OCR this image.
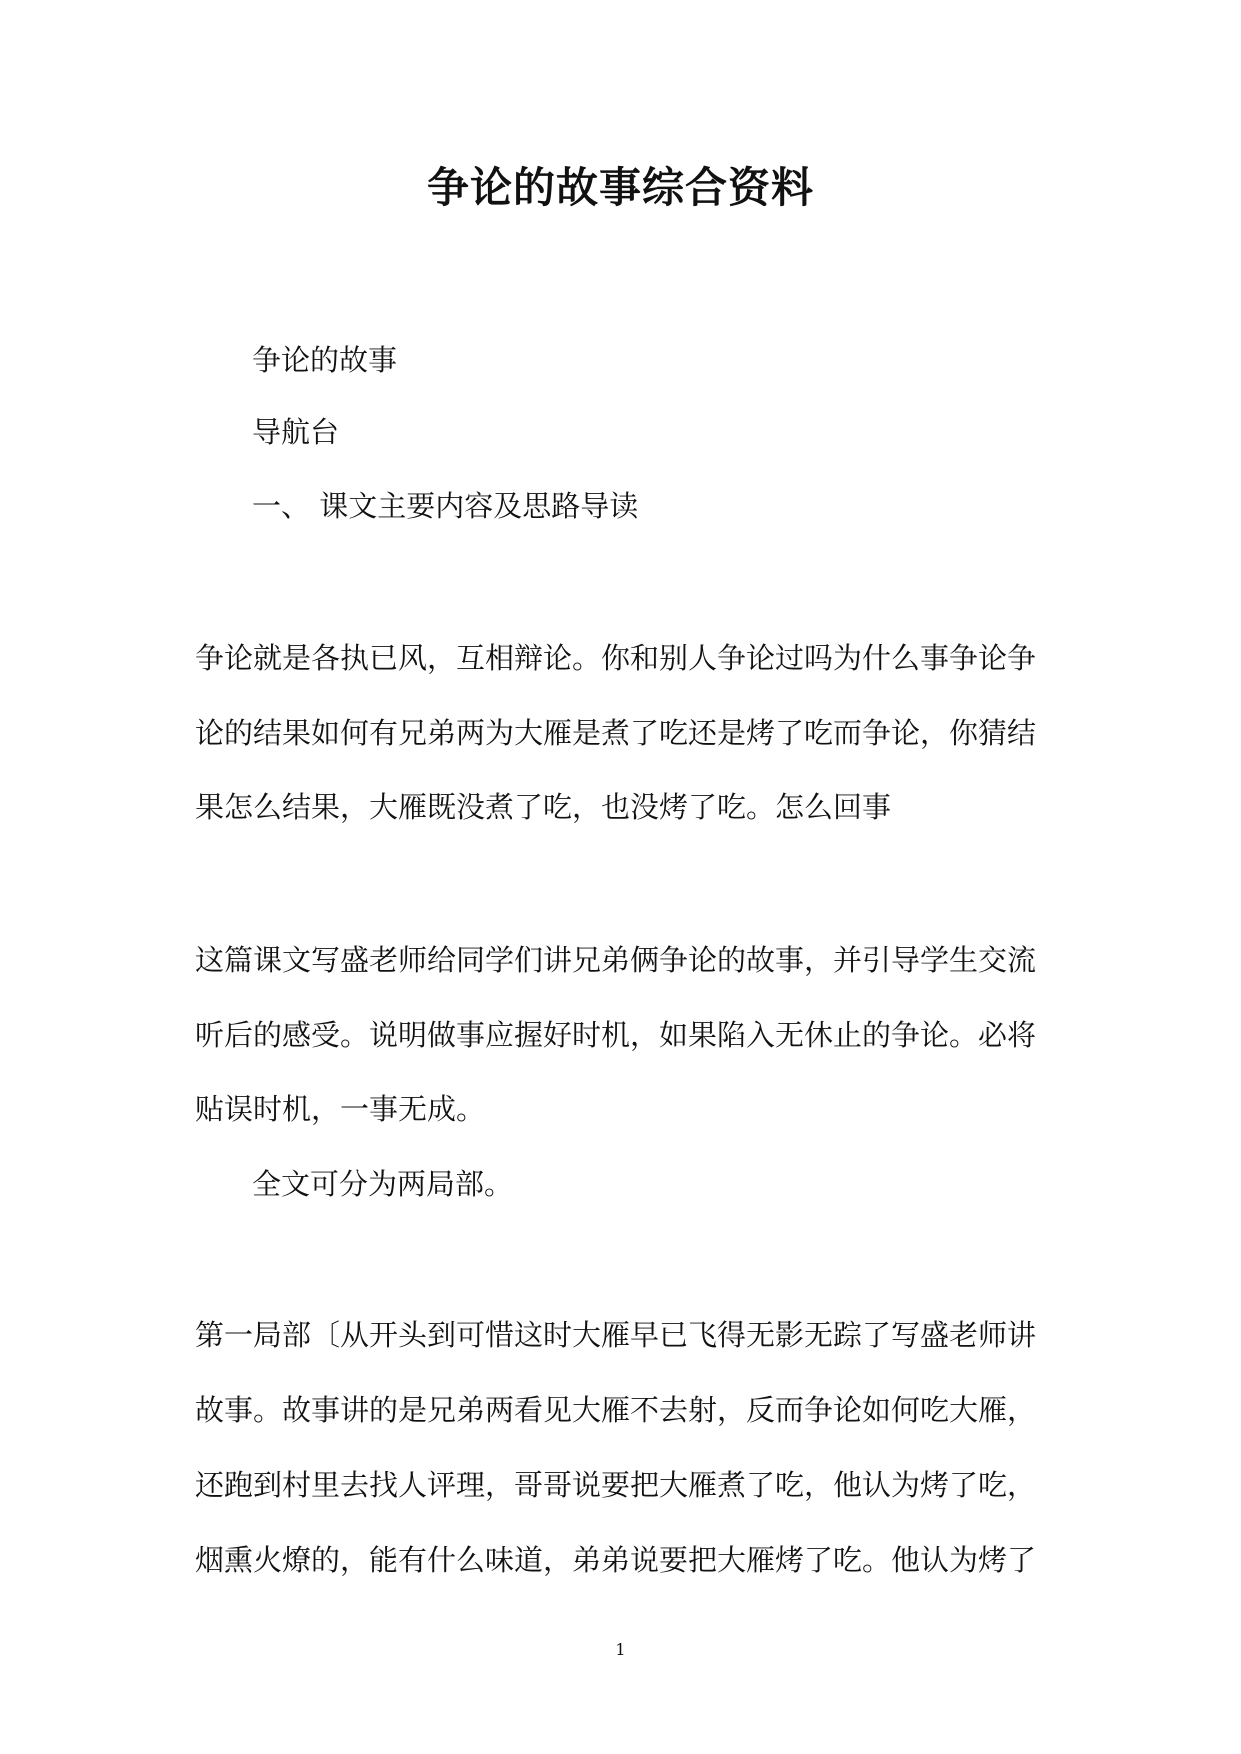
争论的故事综合资料
争论的故事
导航台
一、 课文主要内容及思路导读
争论就是各执已风，互相辩论。你和别人争论过吗为什么事争论争
论的结果如何有兄弟两为大雁是煮了吃还是烤了吃而争论，你猜结
果怎么结果，大雁既没煮了吃，也没烤了吃。怎么回事
这篇课文写盛老师给同学们讲兄弟俩争论的故事，并引导学生交流
听后的感受。说明做事应握好时机，如果陷入无休止的争论。必将
贴误时机，一事无成。
全文可分为两局部。
第一局部〔从开头到可惜这时大雁早已飞得无影无踪了写盛老师讲
故事。故事讲的是兄弟两看见大雁不去射，反而争论如何吃大雁，
还跑到村里去找人评理，哥哥说要把大雁煮了吃，他认为烤了吃，
烟熏火燎的，能有什么味道，弟弟说要把大雁烤了吃。他认为烤了
1
